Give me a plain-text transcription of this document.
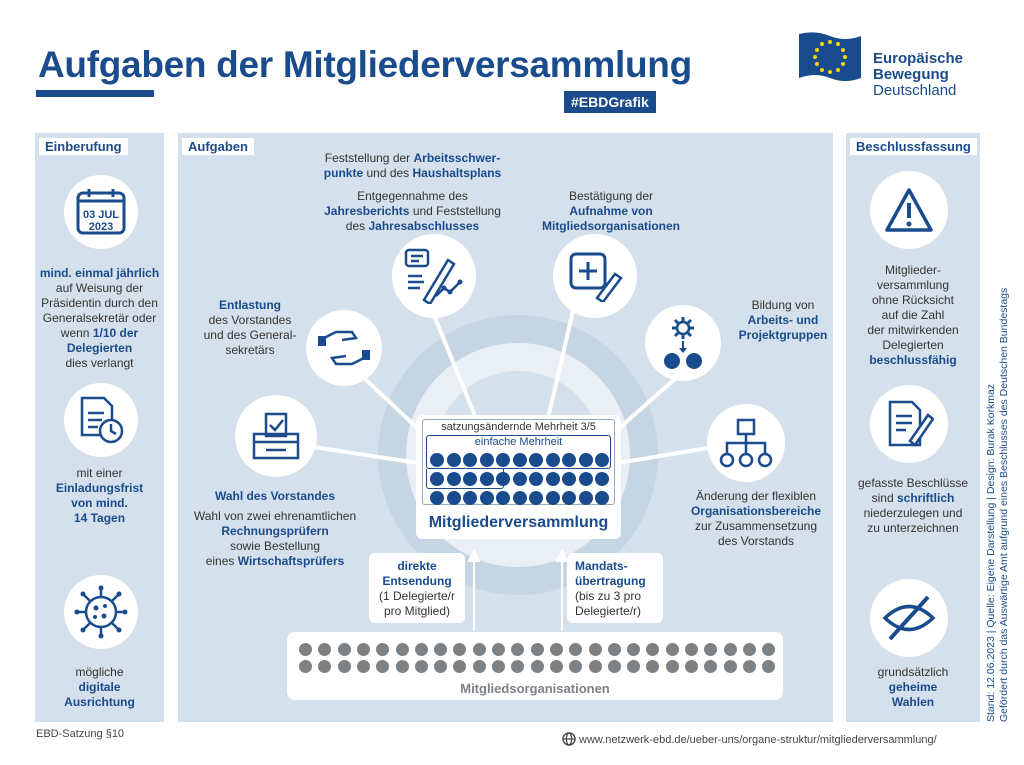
Aufgaben der Mitgliederversammlung
#EBDGrafik
Europäische
Bewegung
Deutschland
Einberufung
03 JUL
2023
mind. einmal jährlich
auf Weisung der
Präsidentin durch den
Generalsekretär oder
wenn 1/10 der
Delegierten
dies verlangt
mit einer
Einladungsfrist
von mind.
14 Tagen
mögliche
digitale
Ausrichtung
Aufgaben
Feststellung der Arbeitsschwer-
punkte und des Haushaltsplans
Entgegennahme des
Jahresberichts und Feststellung
des Jahresabschlusses
Bestätigung der
Aufnahme von
Mitgliedsorganisationen
Entlastung
des Vorstandes
und des General-
sekretärs
Bildung von
Arbeits- und
Projektgruppen
Wahl des Vorstandes
Wahl von zwei ehrenamtlichen
Rechnungsprüfern
sowie Bestellung
eines Wirtschaftsprüfers
Änderung der flexiblen
Organisationsbereiche
zur Zusammensetzung
des Vorstands
satzungsändernde Mehrheit 3/5
einfache Mehrheit
Mitgliederversammlung
direkte
Entsendung
(1 Delegierte/r
pro Mitglied)
Mandats-
übertragung
(bis zu 3 pro
Delegierte/r)
Mitgliedsorganisationen
Beschlussfassung
Mitglieder-
versammlung
ohne Rücksicht
auf die Zahl
der mitwirkenden
Delegierten
beschlussfähig
gefasste Beschlüsse
sind schriftlich
niederzulegen und
zu unterzeichnen
grundsätzlich
geheime
Wahlen
EBD-Satzung §10	www.netzwerk-ebd.de/ueber-uns/organe-struktur/mitgliederversammlung/
Stand: 12.06.2023 | Quelle: Eigene Darstellung | Design: Burak Korkmaz Gefördert durch das Auswärtige Amt aufgrund eines Beschlusses des Deutschen Bundestags
